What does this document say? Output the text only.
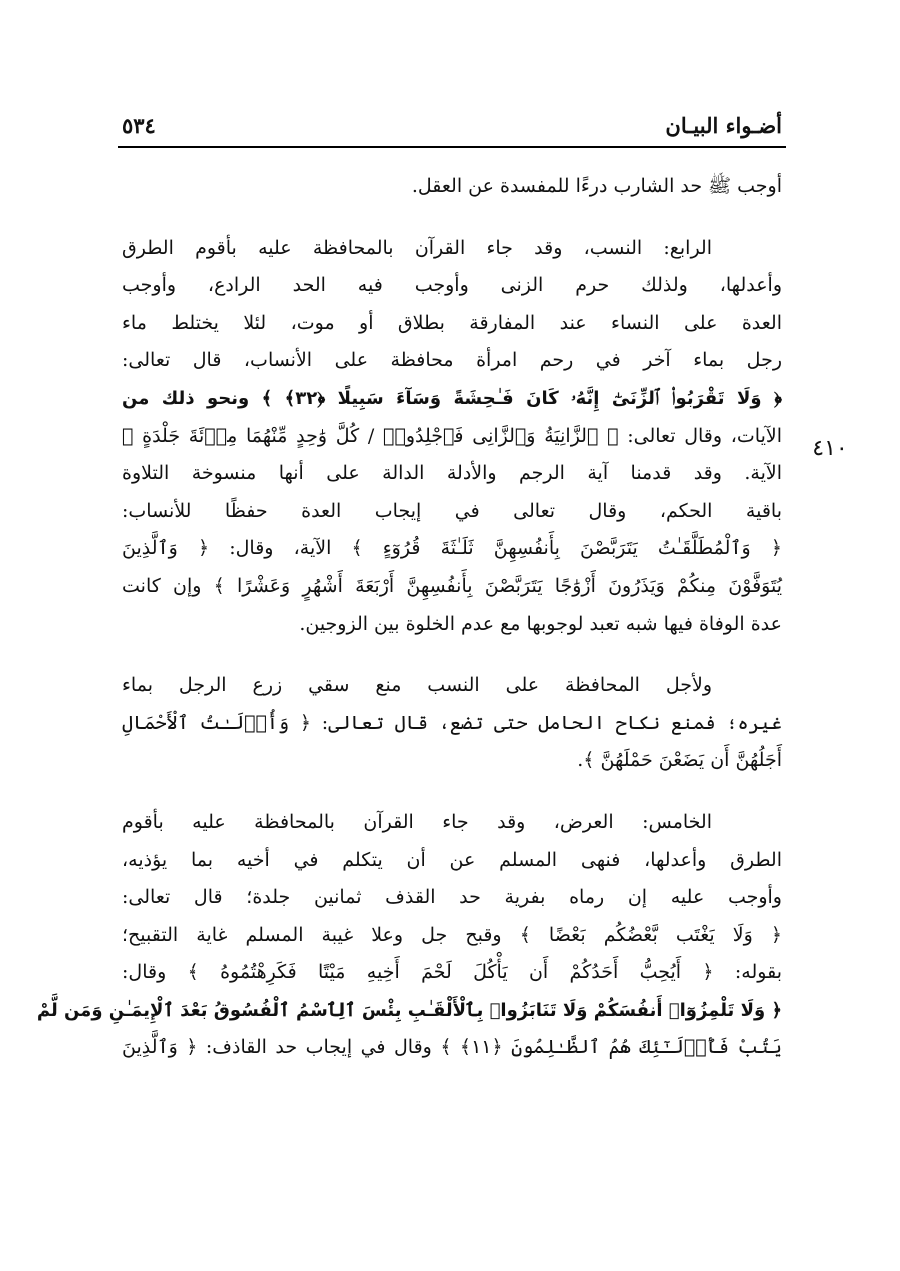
أضـواء البيـان
٥٣٤
٤١٠
أوجب ﷺ حد الشارب درءًا للمفسدة عن العقل.
الرابع: النسب، وقد جاء القرآن بالمحافظة عليه بأقوم الطرق
وأعدلها، ولذلك حرم الزنى وأوجب فيه الحد الرادع، وأوجب
العدة على النساء عند المفارقة بطلاق أو موت، لئلا يختلط ماء
رجل بماء آخر في رحم امرأة محافظة على الأنساب، قال تعالى:
﴿ وَلَا تَقْرَبُوا۟ ٱلزِّنَىٰٓ إِنَّهُۥ كَانَ فَـٰحِشَةً وَسَآءَ سَبِيلًا ﴿٣٢﴾ ﴾ ونحو ذلك من
الآيات، وقال تعالى: ﴿ ٱلزَّانِيَةُ وَٱلزَّانِى فَٱجْلِدُوا۟ / كُلَّ وَٰحِدٍ مِّنْهُمَا مِا۟ئَةَ جَلْدَةٍ ﴾
الآية. وقد قدمنا آية الرجم والأدلة الدالة على أنها منسوخة التلاوة
باقية الحكم، وقال تعالى في إيجاب العدة حفظًا للأنساب:
﴿ وَٱلْمُطَلَّقَـٰتُ يَتَرَبَّصْنَ بِأَنفُسِهِنَّ ثَلَـٰثَةَ قُرُوٓءٍ ﴾ الآية، وقال: ﴿ وَٱلَّذِينَ
يُتَوَفَّوْنَ مِنكُمْ وَيَذَرُونَ أَزْوَٰجًا يَتَرَبَّصْنَ بِأَنفُسِهِنَّ أَرْبَعَةَ أَشْهُرٍ وَعَشْرًا ﴾ وإن كانت
عدة الوفاة فيها شبه تعبد لوجوبها مع عدم الخلوة بين الزوجين.
ولأجل المحافظة على النسب منع سقي زرع الرجل بماء
غيره؛ فمنع نكاح الحامل حتى تضع، قال تعالى: ﴿ وَأُو۟لَـٰتُ ٱلْأَحْمَالِ
أَجَلُهُنَّ أَن يَضَعْنَ حَمْلَهُنَّ ﴾.
الخامس: العرض، وقد جاء القرآن بالمحافظة عليه بأقوم
الطرق وأعدلها، فنهى المسلم عن أن يتكلم في أخيه بما يؤذيه،
وأوجب عليه إن رماه بفرية حد القذف ثمانين جلدة؛ قال تعالى:
﴿ وَلَا يَغْتَب بَّعْضُكُم بَعْضًا ﴾ وقبح جل وعلا غيبة المسلم غاية التقبيح؛
بقوله: ﴿ أَيُحِبُّ أَحَدُكُمْ أَن يَأْكُلَ لَحْمَ أَخِيهِ مَيْتًا فَكَرِهْتُمُوهُ ﴾ وقال:
﴿ وَلَا تَلْمِزُوٓا۟ أَنفُسَكُمْ وَلَا تَنَابَزُوا۟ بِٱلْأَلْقَـٰبِ بِئْسَ ٱلِٱسْمُ ٱلْفُسُوقُ بَعْدَ ٱلْإِيمَـٰنِ وَمَن لَّمْ
يَتُبْ فَأُو۟لَـٰٓئِكَ هُمُ ٱلظَّـٰلِمُونَ ﴿١١﴾ ﴾ وقال في إيجاب حد القاذف: ﴿ وَٱلَّذِينَ
